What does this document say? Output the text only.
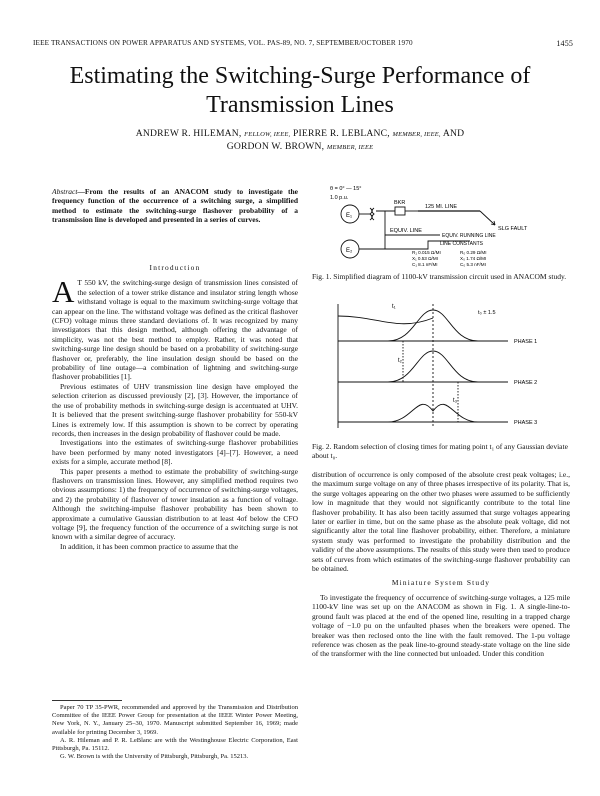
IEEE TRANSACTIONS ON POWER APPARATUS AND SYSTEMS, VOL. PAS-89, NO. 7, SEPTEMBER/OCTOBER 1970	1455
Estimating the Switching-Surge Performance of
Transmission Lines
ANDREW R. HILEMAN, FELLOW, IEEE, PIERRE R. LEBLANC, MEMBER, IEEE, AND
GORDON W. BROWN, MEMBER, IEEE
Abstract—From the results of an ANACOM study to investigate the frequency function of the occurrence of a switching surge, a simplified method to estimate the switching-surge flashover probability of a transmission line is developed and presented in a series of curves.
Introduction

A T 550 kV, the switching-surge design of transmission lines consisted of the selection of a tower strike distance and insulator string length whose withstand voltage is equal to the maximum switching-surge voltage that can appear on the line. The withstand voltage was defined as the critical flashover (CFO) voltage minus three standard deviations σf. It was recognized by many investigators that this design method, although offering the advantage of simplicity, was not the best method to employ. Rather, it was noted that switching-surge line design should be based on a probability of switching-surge flashover or, preferably, the line insulation design should be based on the probability of line outage—a combination of lightning and switching-surge flashover probabilities [1].

Previous estimates of UHV transmission line design have employed the selection criterion as discussed previously [2], [3]. However, the importance of the use of probability methods in switching-surge design is accentuated at UHV. It is believed that the present switching-surge flashover probability for 550-kV Lines is extremely low. If this assumption is shown to be correct by operating records, then increases in the design probability of flashover could be made.

Investigations into the estimates of switching-surge flashover probabilities have been performed by many noted investigators [4]–[7]. However, a need exists for a simple, accurate method [8].

This paper presents a method to estimate the probability of switching-surge flashovers on transmission lines. However, any simplified method requires two obvious assumptions: 1) the frequency of occurrence of switching-surge voltages, and 2) the probability of flashover of tower insulation as a function of voltage. Although the switching-impulse flashover probability has been shown to approximate a cumulative Gaussian distribution to at least 4σf below the CFO voltage [9], the frequency function of the occurrence of a switching surge is not known with a similar degree of accuracy.

In addition, it has been common practice to assume that the

Paper 70 TP 35-PWR, recommended and approved by the Transmission and Distribution Committee of the IEEE Power Group for presentation at the IEEE Winter Power Meeting, New York, N. Y., January 25–30, 1970. Manuscript submitted September 16, 1969; made available for printing December 3, 1969.

A. R. Hileman and P. R. LeBlanc are with the Westinghouse Electric Corporation, East Pittsburgh, Pa. 15112.

G. W. Brown is with the University of Pittsburgh, Pittsburgh, Pa. 15213.

E₁
E₂
θ = 0° — 15°
1.0 p.u.
BKR
125 MI. LINE
SLG FAULT
EQUIV. LINE
EQUIV. RUNNING LINE
LINE CONSTANTS
R₁ 0.015 Ω/MI
X₁ 0.53 Ω/MI
C₁ 8.1 nF/MI
R₀ 0.29 Ω/MI
X₀ 1.74 Ω/MI
C₀ 5.3 nF/MI
Fig. 1. Simplified diagram of 1100-kV transmission circuit used in ANACOM study.
t₀ ± 1.5
PHASE 1
PHASE 2
PHASE 3
t₁
t₂
t₃
Fig. 2. Random selection of closing times for mating point t₁ of any Gaussian deviate about t₀.

distribution of occurrence is only composed of the absolute crest peak voltages; i.e., the maximum surge voltage on any of three phases irrespective of its polarity. That is, the surge voltages appearing on the other two phases were assumed to be sufficiently low in magnitude that they would not significantly contribute to the total line flashover probability. It has also been tacitly assumed that surge voltages appearing later or earlier in time, but on the same phase as the absolute peak voltage, did not significantly alter the total line flashover probability, either. Therefore, a miniature system study was performed to investigate the probability distribution and the validity of the above assumptions. The results of this study were then used to produce sets of curves from which estimates of the switching-surge flashover probability can be obtained.

Miniature System Study

To investigate the frequency of occurrence of switching-surge voltages, a 125 mile 1100-kV line was set up on the ANACOM as shown in Fig. 1. A single-line-to-ground fault was placed at the end of the opened line, resulting in a trapped charge voltage of −1.0 pu on the unfaulted phases when the breakers were opened. The breaker was then reclosed onto the line with the fault removed. The 1-pu voltage reference was chosen as the peak line-to-ground steady-state voltage on the line side of the transformer with the line connected but unloaded. Under this condition
